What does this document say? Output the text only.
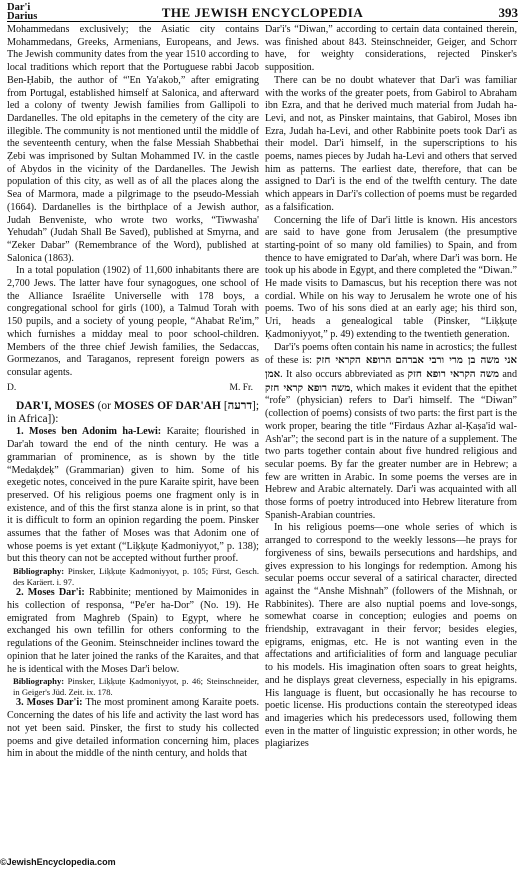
Dar'i
Darius	THE JEWISH ENCYCLOPEDIA	393

Mohammedans exclusively; the Asiatic city contains Mohammedans, Greeks, Armenians, Europeans, and Jews. The Jewish community dates from the year 1510 according to local traditions which report that the Portuguese rabbi Jacob Ben-Ḥabib, the author of “'En Ya'akob,” after emigrating from Portugal, established himself at Salonica, and afterward led a colony of twenty Jewish families from Gallipoli to Dardanelles. The old epitaphs in the cemetery of the city are illegible. The community is not mentioned until the middle of the seventeenth century, when the false Messiah Shabbethai Ẓebi was imprisoned by Sultan Mohammed IV. in the castle of Abydos in the vicinity of the Dardanelles. The Jewish population of this city, as well as of all the places along the Sea of Marmora, made a pilgrimage to the pseudo-Messiah (1664). Dardanelles is the birthplace of a Jewish author, Judah Benveniste, who wrote two works, “Tiwwasha' Yehudah” (Judah Shall Be Saved), published at Smyrna, and “Zeker Dabar” (Remembrance of the Word), published at Salonica (1863).

In a total population (1902) of 11,600 inhabitants there are 2,700 Jews. The latter have four synagogues, one school of the Alliance Israélite Universelle with 178 boys, a congregational school for girls (100), a Talmud Torah with 150 pupils, and a society of young people, “Ahabat Re'im,” which furnishes a midday meal to poor school-children. Members of the three chief Jewish families, the Sedaccas, Gormezanos, and Taraganos, represent foreign powers as consular agents.

D.	M. Fr.

DAR'I, MOSES (or MOSES OF DAR'AH [דרעה]; in Africa]):

1. Moses ben Adonim ha-Lewi: Karaite; flourished in Dar'ah toward the end of the ninth century. He was a grammarian of prominence, as is shown by the title “Medaḳdeḳ” (Grammarian) given to him. Some of his exegetic notes, conceived in the pure Karaite spirit, have been preserved. Of his religious poems one fragment only is in existence, and of this the first stanza alone is in print, so that it is difficult to form an opinion regarding the poem. Pinsker assumes that the father of Moses was that Adonim one of whose poems is yet extant (“Liḳḳuṭe Ḳadmoniyyot,” p. 138); but this theory can not be accepted without further proof.

Bibliography: Pinsker, Liḳḳuṭe Ḳadmoniyyot, p. 105; Fürst, Gesch. des Karäert. i. 97.

2. Moses Dar'i: Rabbinite; mentioned by Maimonides in his collection of responsa, “Pe'er ha-Dor” (No. 19). He emigrated from Maghreb (Spain) to Egypt, where he exchanged his own tefillin for others conforming to the regulations of the Geonim. Steinschneider inclines toward the opinion that he later joined the ranks of the Karaites, and that he is identical with the Moses Dar'i below.

Bibliography: Pinsker, Liḳḳuṭe Ḳadmoniyyot, p. 46; Steinschneider, in Geiger's Jüd. Zeit. ix. 178.

3. Moses Dar'i: The most prominent among Karaite poets. Concerning the dates of his life and activity the last word has not yet been said. Pinsker, the first to study his collected poems and give detailed information concerning him, places him in about the middle of the ninth century, and holds that

Dar'i's “Diwan,” according to certain data contained therein, was finished about 843. Steinschneider, Geiger, and Schorr have, for weighty considerations, rejected Pinsker's supposition.

There can be no doubt whatever that Dar'i was familiar with the works of the greater poets, from Gabirol to Abraham ibn Ezra, and that he derived much material from Judah ha-Levi, and not, as Pinsker maintains, that Gabirol, Moses ibn Ezra, Judah ha-Levi, and other Rabbinite poets took Dar'i as their model. Dar'i himself, in the superscriptions to his poems, names pieces by Judah ha-Levi and others that served him as patterns. The earliest date, therefore, that can be assigned to Dar'i is the end of the twelfth century. The date which appears in Dar'i's collection of poems must be regarded as a falsification.

Concerning the life of Dar'i little is known. His ancestors are said to have gone from Jerusalem (the presumptive starting-point of so many old families) to Spain, and from thence to have emigrated to Dar'ah, where Dar'i was born. He took up his abode in Egypt, and there completed the “Diwan.” He made visits to Damascus, but his reception there was not cordial. While on his way to Jerusalem he wrote one of his poems. Two of his sons died at an early age; his third son, Uri, heads a genealogical table (Pinsker, “Liḳḳuṭe Ḳadmoniyyot,” p. 49) extending to the twentieth generation.

Dar'i's poems often contain his name in acrostics; the fullest of these is:	אני משה בן מרי ורבי אברהם הרופא הקראי חזק אמן. It also occurs abbreviated as משה הקראי רופא חזק and משה רופא קראי חזק, which makes it evident that the epithet “rofe” (physician) refers to Dar'i himself. The “Diwan” (collection of poems) consists of two parts: the first part is the work proper, bearing the title “Firdaus Azhar al-Ḳaṣa'id wal-Ash'ar”; the second part is in the nature of a supplement. The two parts together contain about five hundred religious and secular poems. By far the greater number are in Hebrew; a few are written in Arabic. In some poems the verses are in Hebrew and Arabic alternately. Dar'i was acquainted with all those forms of poetry introduced into Hebrew literature from Spanish-Arabian countries.

In his religious poems—one whole series of which is arranged to correspond to the weekly lessons—he prays for forgiveness of sins, bewails persecutions and hardships, and gives expression to his longings for redemption. Among his secular poems occur several of a satirical character, directed against the “Anshe Mishnah” (followers of the Mishnah, or Rabbinites). There are also nuptial poems and love-songs, somewhat coarse in conception; eulogies and poems on friendship, extravagant in their fervor; besides elegies, epigrams, enigmas, etc. He is not wanting even in the affectations and artificialities of form and language peculiar to his models. His imagination often soars to great heights, and he displays great cleverness, especially in his epigrams. His language is fluent, but occasionally he has recourse to poetic license. His productions contain the stereotyped ideas and imageries which his predecessors used, following them even in the matter of linguistic expression; in other words, he plagiarizes

©JewishEncyclopedia.com
